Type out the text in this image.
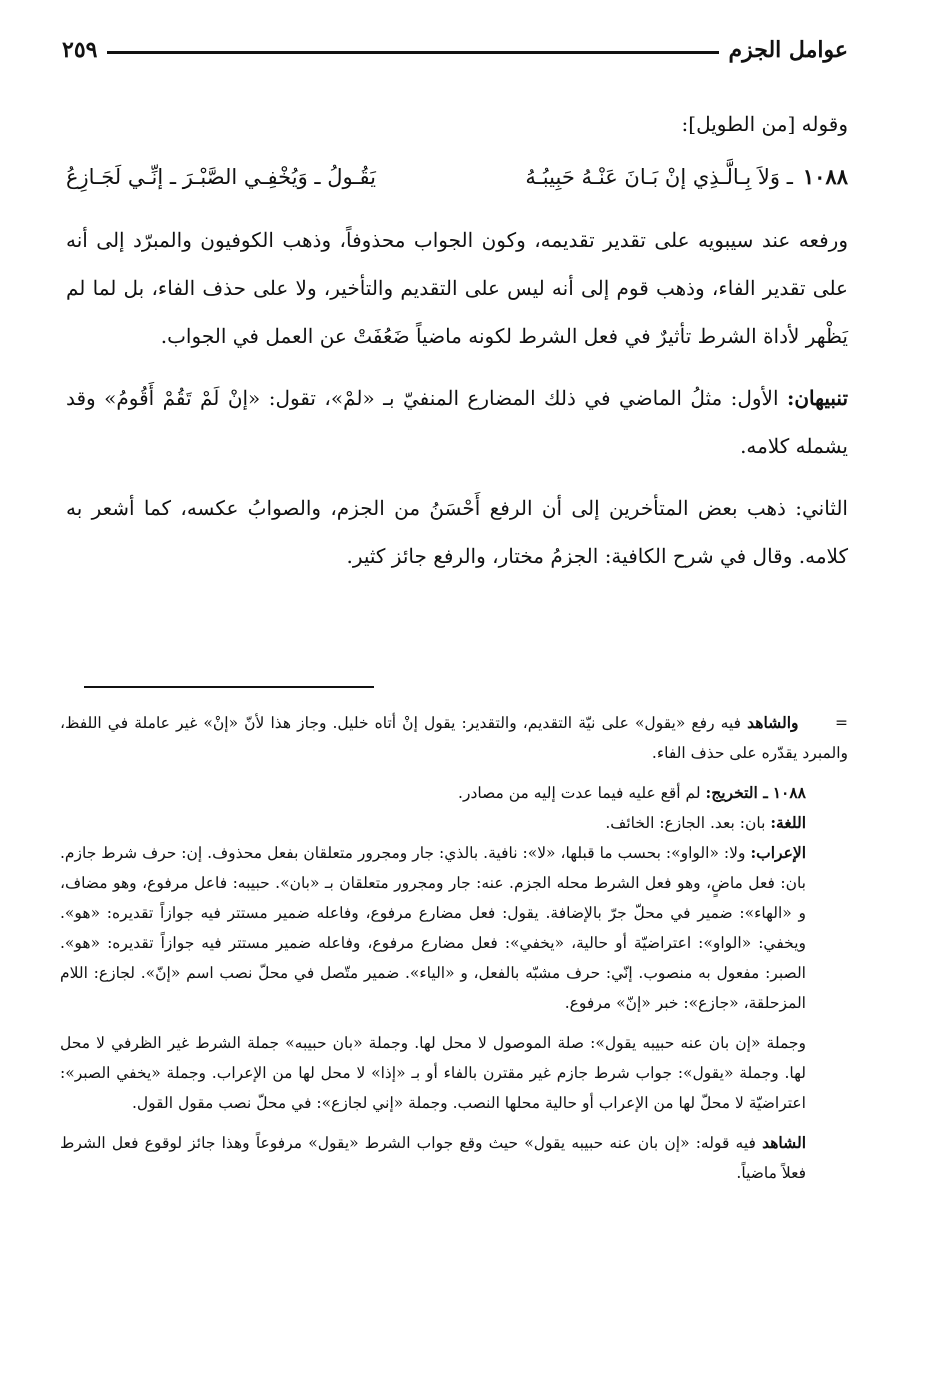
عوامل الجزم
٢٥٩

وقوله [من الطويل]:

١٠٨٨
ـ وَلاَ بِـالَّـذِي إنْ بَـانَ عَنْـهُ حَبِيبُـهُ
يَقُـولُ ـ وَيُخْفِـي الصَّبْـرَ ـ إنِّـي لَجَـازِعُ

ورفعه عند سيبويه على تقدير تقديمه، وكون الجواب محذوفاً، وذهب الكوفيون والمبرّد إلى أنه على تقدير الفاء، وذهب قوم إلى أنه ليس على التقديم والتأخير، ولا على حذف الفاء، بل لما لم يَظْهر لأداة الشرط تأثيرٌ في فعل الشرط لكونه ماضياً ضَعُفَتْ عن العمل في الجواب.

تنبيهان: الأول: مثلُ الماضي في ذلك المضارع المنفيّ بـ «لمْ»، تقول: «إنْ لَمْ تَقُمْ أَقُومُ» وقد يشمله كلامه.

الثاني: ذهب بعض المتأخرين إلى أن الرفع أَحْسَنُ من الجزم، والصوابُ عكسه، كما أشعر به كلامه. وقال في شرح الكافية: الجزمُ مختار، والرفع جائز كثير.

=      والشاهد فيه رفع «يقول» على نيّة التقديم، والتقدير: يقول إنْ أتاه خليل. وجاز هذا لأنّ «إنْ» غير عاملة في اللفظ، والمبرد يقدّره على حذف الفاء.

١٠٨٨ ـ التخريج: لم أقع عليه فيما عدت إليه من مصادر.

اللغة: بان: بعد. الجازع: الخائف.

الإعراب: ولا: «الواو»: بحسب ما قبلها، «لا»: نافية. بالذي: جار ومجرور متعلقان بفعل محذوف. إن: حرف شرط جازم. بان: فعل ماضٍ، وهو فعل الشرط محله الجزم. عنه: جار ومجرور متعلقان بـ «بان». حبيبه: فاعل مرفوع، وهو مضاف، و «الهاء»: ضمير في محلّ جرّ بالإضافة. يقول: فعل مضارع مرفوع، وفاعله ضمير مستتر فيه جوازاً تقديره: «هو». ويخفي: «الواو»: اعتراضيّة أو حالية، «يخفي»: فعل مضارع مرفوع، وفاعله ضمير مستتر فيه جوازاً تقديره: «هو». الصبر: مفعول به منصوب. إنّي: حرف مشبّه بالفعل، و «الياء». ضمير متّصل في محلّ نصب اسم «إنّ». لجازع: اللام المزحلقة، «جازع»: خبر «إنّ» مرفوع.

وجملة «إن بان عنه حبيبه يقول»: صلة الموصول لا محل لها. وجملة «بان حبيبه» جملة الشرط غير الظرفي لا محل لها. وجملة «يقول»: جواب شرط جازم غير مقترن بالفاء أو بـ «إذا» لا محل لها من الإعراب. وجملة «يخفي الصبر»: اعتراضيّة لا محلّ لها من الإعراب أو حالية محلها النصب. وجملة «إني لجازع»: في محلّ نصب مقول القول.

الشاهد فيه قوله: «إن بان عنه حبيبه يقول» حيث وقع جواب الشرط «يقول» مرفوعاً وهذا جائز لوقوع فعل الشرط فعلاً ماضياً.
